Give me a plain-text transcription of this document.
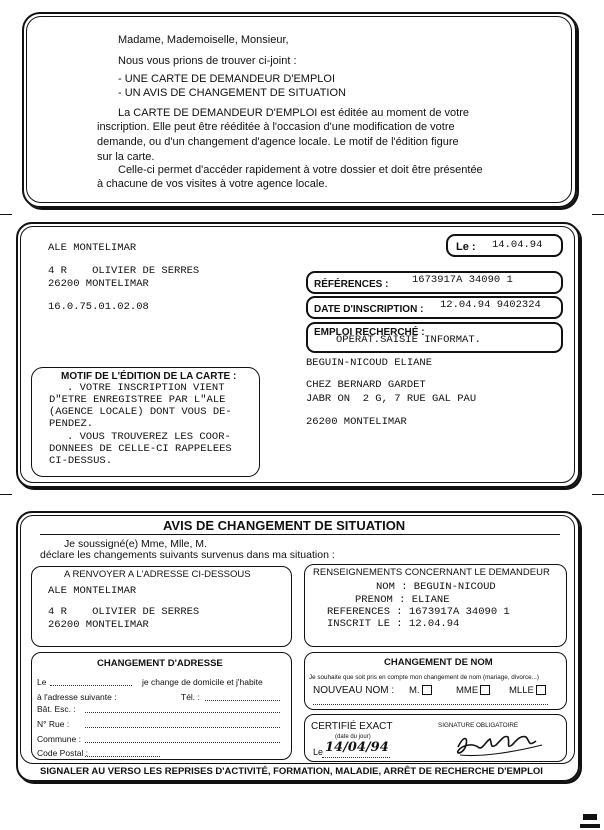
Madame, Mademoiselle, Monsieur,
Nous vous prions de trouver ci-joint :
- UNE CARTE DE DEMANDEUR D'EMPLOI
- UN AVIS DE CHANGEMENT DE SITUATION
La CARTE DE DEMANDEUR D'EMPLOI est éditée au moment de votre
inscription. Elle peut être rééditée à l'occasion d'une modification de votre
demande, ou d'un changement d'agence locale. Le motif de l'édition figure
sur la carte.
Celle-ci permet d'accéder rapidement à votre dossier et doit être présentée
à chacune de vos visites à votre agence locale.
ALE MONTELIMAR
4 R    OLIVIER DE SERRES
26200 MONTELIMAR
16.0.75.01.02.08
Le : 14.04.94
RÉFÉRENCES : 1673917A 34090 1
DATE D'INSCRIPTION : 12.04.94 9402324
EMPLOI RECHERCHÉ :
OPERAT.SAISIE INFORMAT.
MOTIF DE L'ÉDITION DE LA CARTE :
. VOTRE INSCRIPTION VIENT
D"ETRE ENREGISTREE PAR L"ALE
(AGENCE LOCALE) DONT VOUS DE-
PENDEZ.
. VOUS TROUVEREZ LES COOR-
DONNEES DE CELLE-CI RAPPELEES
CI-DESSUS.
BEGUIN-NICOUD ELIANE
CHEZ BERNARD GARDET
JABR ON  2 G, 7 RUE GAL PAU
26200 MONTELIMAR
AVIS DE CHANGEMENT DE SITUATION
Je soussigné(e) Mme, Mlle, M.
déclare les changements suivants survenus dans ma situation :
A RENVOYER A L'ADRESSE CI-DESSOUS
ALE MONTELIMAR
4 R    OLIVIER DE SERRES
26200 MONTELIMAR
RENSEIGNEMENTS CONCERNANT LE DEMANDEUR
NOM : BEGUIN-NICOUD
PRENOM : ELIANE
REFERENCES : 1673917A 34090 1
INSCRIT LE : 12.04.94
CHANGEMENT D'ADRESSE
Le	je change de domicile et j'habite
à l'adresse suivante :	Tél. :
Bât. Esc. :
N° Rue :
Commune :
Code Postal :
CHANGEMENT DE NOM
Je souhaite que soit pris en compte mon changement de nom (mariage, divorce...)
NOUVEAU NOM : M.	MME	MLLE
CERTIFIÉ EXACT
(date du jour)
Le 14/04/94
SIGNATURE OBLIGATOIRE
SIGNALER AU VERSO LES REPRISES D'ACTIVITÉ, FORMATION, MALADIE, ARRÊT DE RECHERCHE D'EMPLOI
